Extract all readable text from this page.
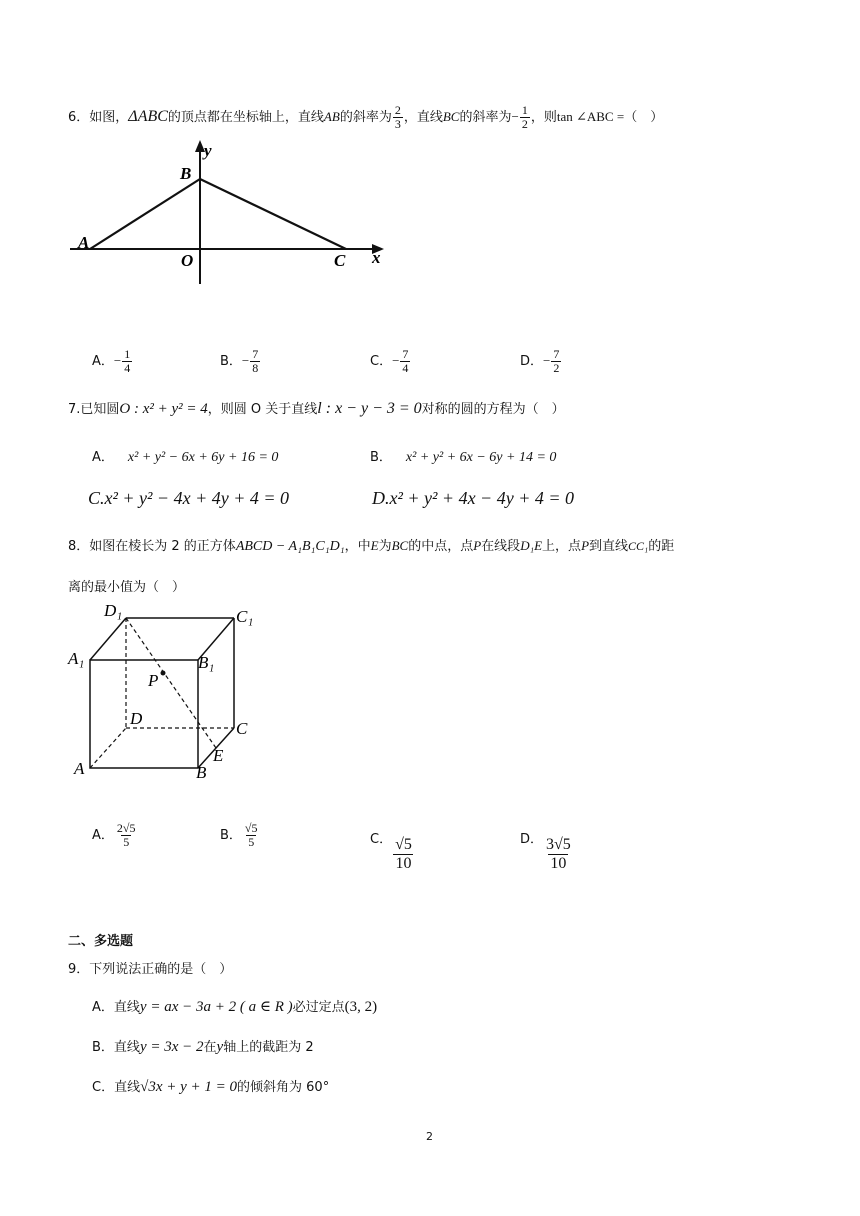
6．如图，ΔABC的顶点都在坐标轴上，直线AB的斜率为 $\frac{2}{3}$ ，直线BC的斜率为− $\frac{1}{2}$ ，则tan ∠ABC =（　）
y
B
A
O	C x
A．− $\frac{1}{4}$	B．− $\frac{7}{8}$	C．− $\frac{7}{4}$	D．− $\frac{7}{2}$
7.已知圆O : x² + y² = 4，则圆 O 关于直线l : x − y − 3 = 0对称的圆的方程为（　）
A． x² + y² − 6x + 6y + 16 = 0	B． x² + y² + 6x − 6y + 14 = 0
C.x² + y² − 4x + 4y + 4 = 0	D.x² + y² + 4x − 4y + 4 = 0
8．如图在棱长为 2 的正方体ABCD − A₁B₁C₁D₁，中E为BC的中点，点P在线段D₁E上，点P到直线CC₁的距
离的最小值为（　）
D₁	C₁
A₁	B₁
P
D
C
E
A	B
A． $\frac{2√5}{5}$	B． $\frac{√5}{5}$	C． $\frac{√5}{10}$	D． $\frac{3√5}{10}$
二、多选题
9．下列说法正确的是（　）
A．直线y = ax − 3a + 2 ( a ∈ R )必过定点(3, 2)
B．直线y = 3x − 2在y轴上的截距为 2
C．直线√3x + y + 1 = 0的倾斜角为 60°
2
